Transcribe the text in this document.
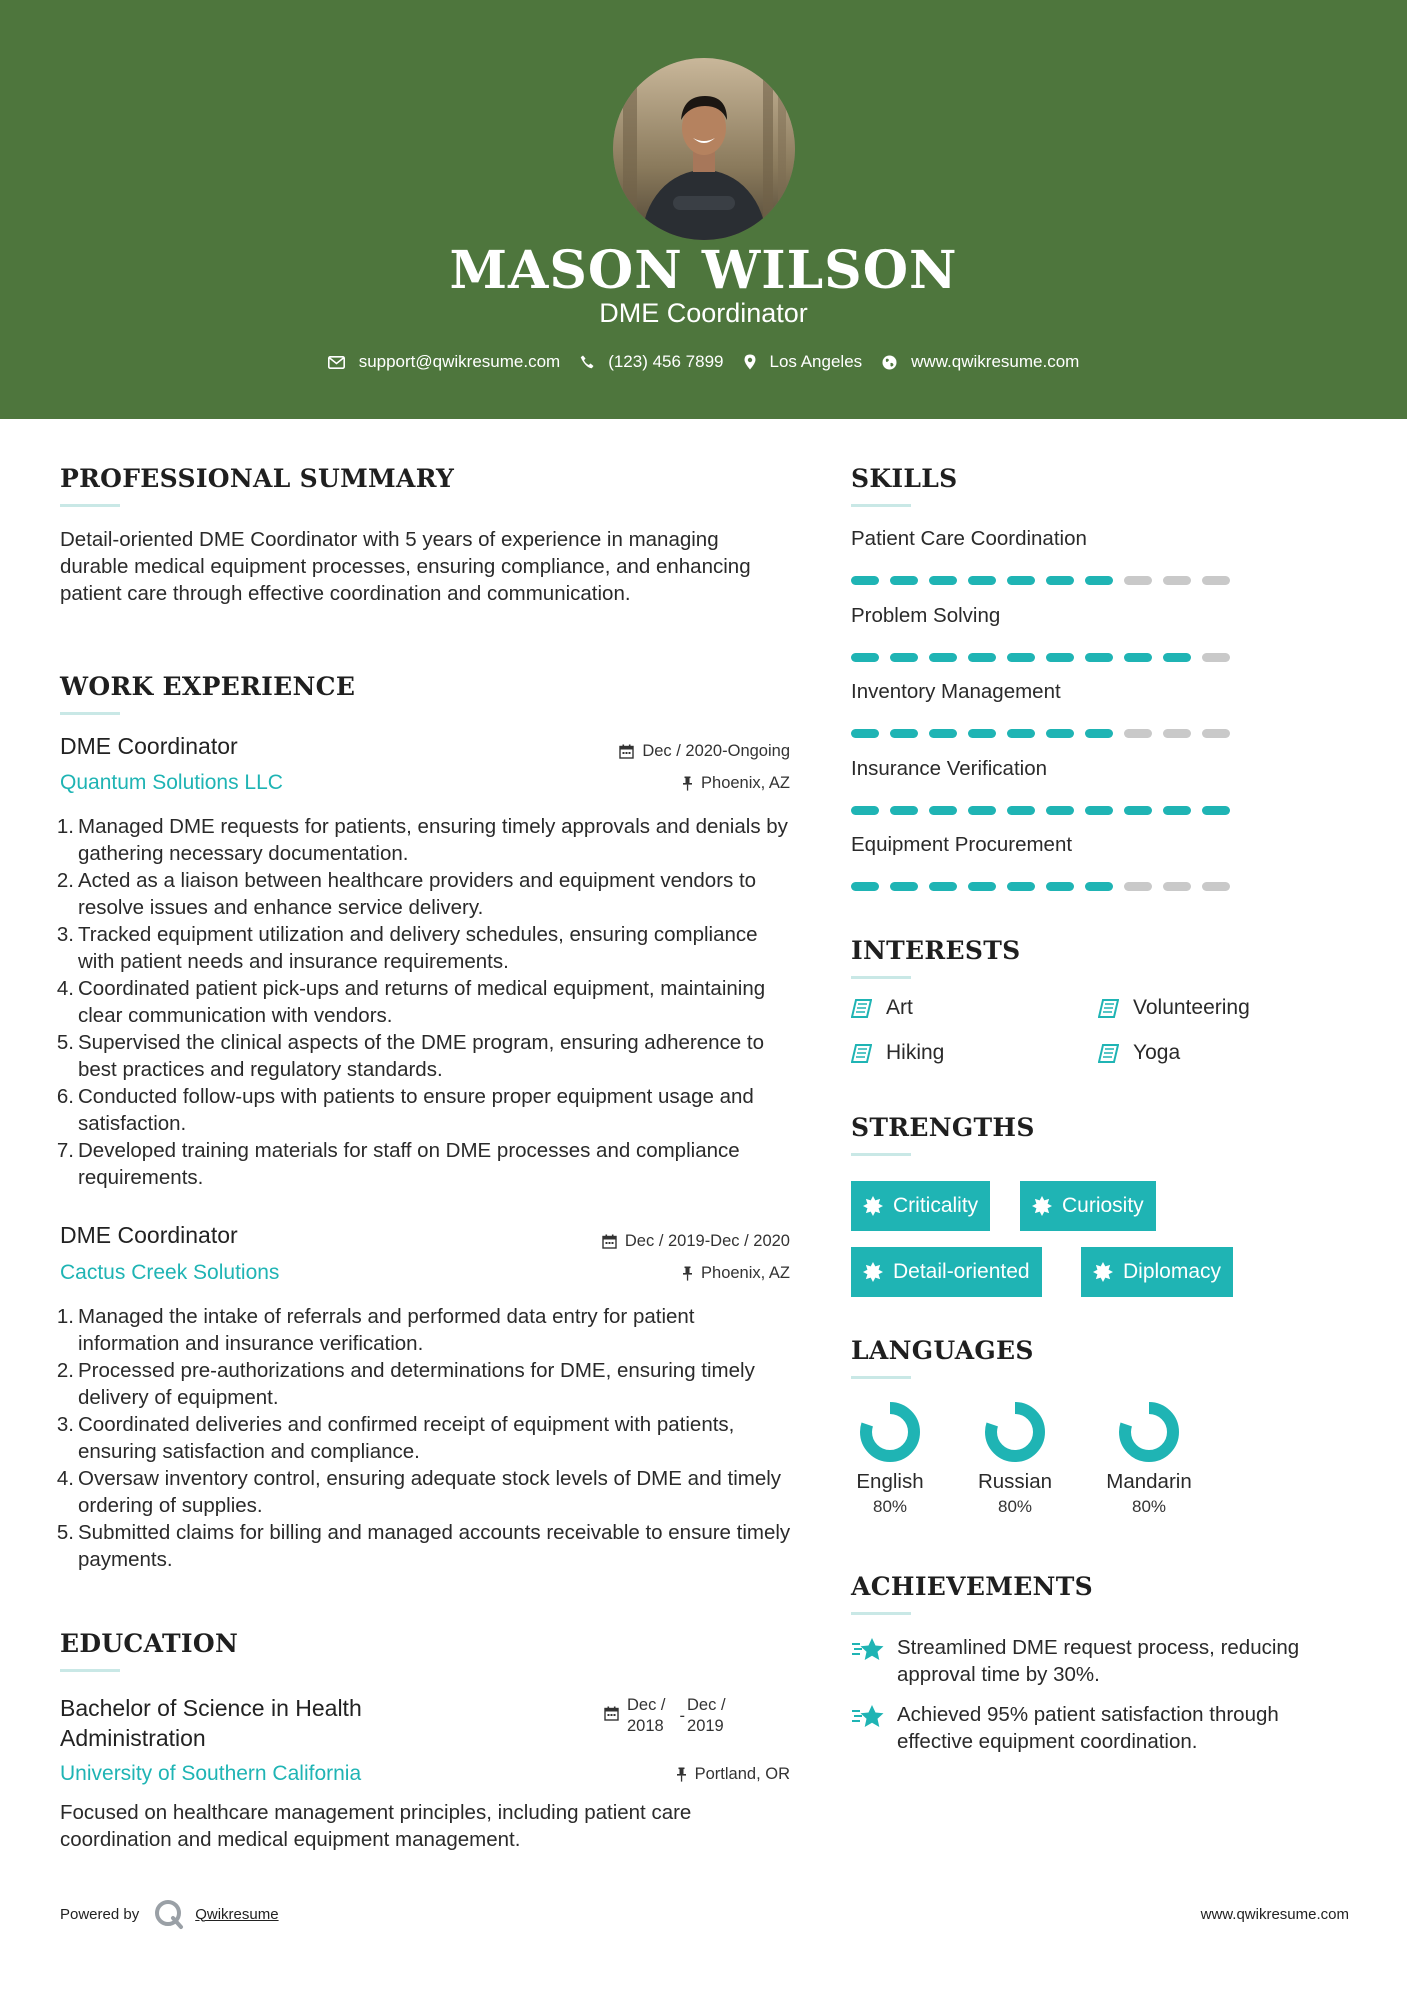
MASON WILSON
DME Coordinator
support@qwikresume.com	(123) 456 7899	Los Angeles	www.qwikresume.com
PROFESSIONAL SUMMARY
Detail-oriented DME Coordinator with 5 years of experience in managing durable medical equipment processes, ensuring compliance, and enhancing patient care through effective coordination and communication.
WORK EXPERIENCE
DME Coordinator	Dec / 2020-Ongoing
Quantum Solutions LLC	Phoenix, AZ
1. Managed DME requests for patients, ensuring timely approvals and denials by gathering necessary documentation.
2. Acted as a liaison between healthcare providers and equipment vendors to resolve issues and enhance service delivery.
3. Tracked equipment utilization and delivery schedules, ensuring compliance with patient needs and insurance requirements.
4. Coordinated patient pick-ups and returns of medical equipment, maintaining clear communication with vendors.
5. Supervised the clinical aspects of the DME program, ensuring adherence to best practices and regulatory standards.
6. Conducted follow-ups with patients to ensure proper equipment usage and satisfaction.
7. Developed training materials for staff on DME processes and compliance requirements.
DME Coordinator	Dec / 2019-Dec / 2020
Cactus Creek Solutions	Phoenix, AZ
1. Managed the intake of referrals and performed data entry for patient information and insurance verification.
2. Processed pre-authorizations and determinations for DME, ensuring timely delivery of equipment.
3. Coordinated deliveries and confirmed receipt of equipment with patients, ensuring satisfaction and compliance.
4. Oversaw inventory control, ensuring adequate stock levels of DME and timely ordering of supplies.
5. Submitted claims for billing and managed accounts receivable to ensure timely payments.
EDUCATION
Bachelor of Science in Health
Administration
Dec /
2018
-
Dec /
2019
University of Southern California	Portland, OR
Focused on healthcare management principles, including patient care coordination and medical equipment management.
SKILLS
Patient Care Coordination
Problem Solving
Inventory Management
Insurance Verification
Equipment Procurement
INTERESTS
Art	Volunteering
Hiking	Yoga
STRENGTHS
Criticality	Curiosity
Detail-oriented	Diplomacy
LANGUAGES
English
80%
Russian
80%
Mandarin
80%
ACHIEVEMENTS
Streamlined DME request process, reducing approval time by 30%.
Achieved 95% patient satisfaction through effective equipment coordination.
Powered by	Qwikresume	www.qwikresume.com
